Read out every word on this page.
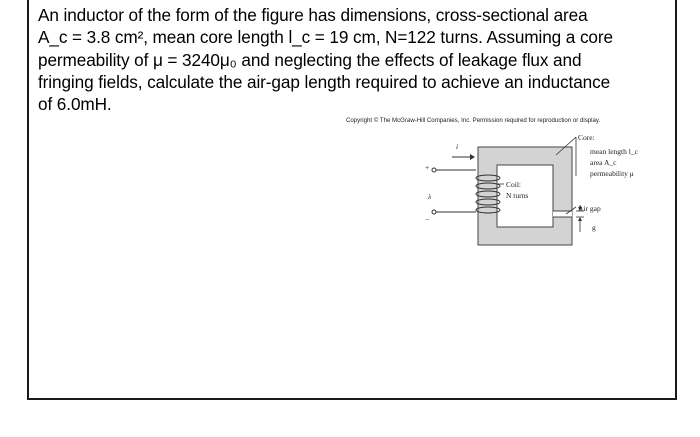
An inductor of the form of the figure has dimensions, cross-sectional area
A_c = 3.8 cm², mean core length l_c = 19 cm, N=122 turns. Assuming a core
permeability of μ = 3240μ₀ and neglecting the effects of leakage flux and
fringing fields, calculate the air-gap length required to achieve an inductance
of 6.0mH.
Copyright © The McGraw-Hill Companies, Inc. Permission required for reproduction or display.
Core:
mean length l_c
area A_c
permeability μ
Coil:
N turns
Air gap
g
i
+
λ
−
